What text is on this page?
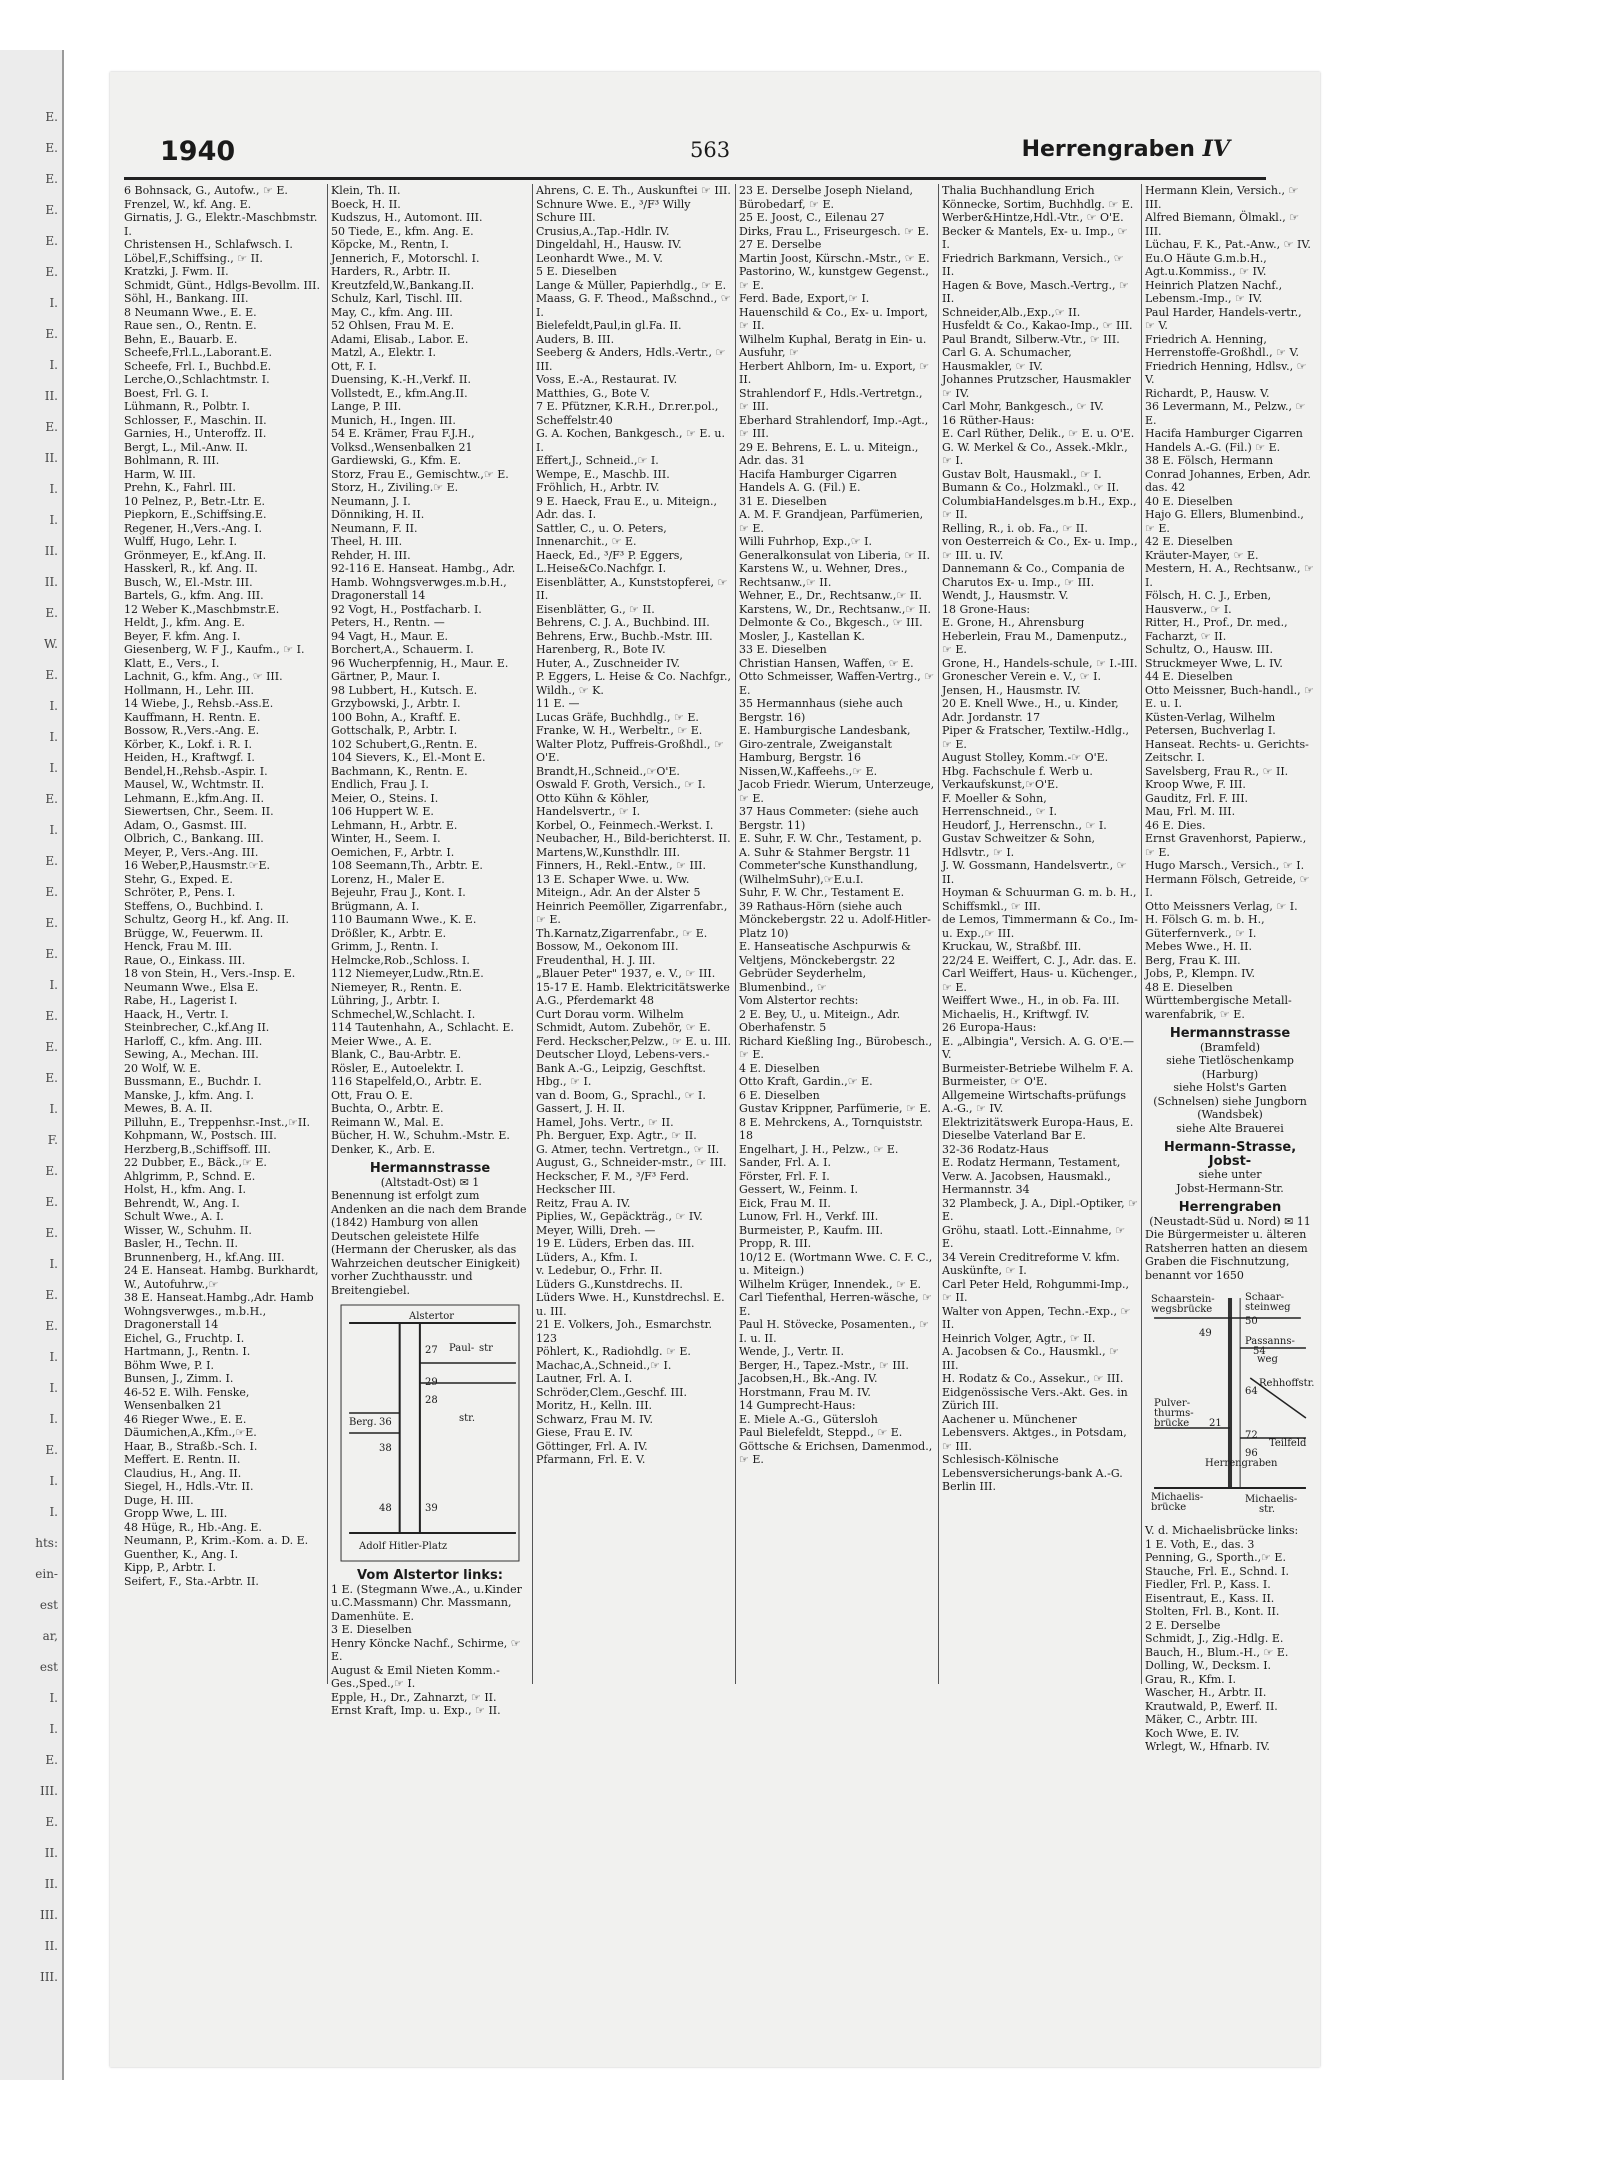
E.
E.
E.
E.
E.
E.
I.
E.
I.
II.
E.
II.
I.
I.
II.
II.
E.
W.
E.
I.
I.
I.
E.
I.
E.
E.
E.
E.
I.
E.
E.
E.
I.
F.
E.
E.
E.
I.
E.
E.
I.
I.
I.
E.
I.
I.
hts:
ein-
est
ar,
est
I.
I.
E.
III.
E.
II.
II.
III.
II.
III.
1940	563	Herrengraben IV
6 Bohnsack, G., Autofw., ☞ E.
Frenzel, W., kf. Ang. E.
Girnatis, J. G., Elektr.-Maschbmstr. I.
Christensen H., Schlafwsch. I.
Löbel,F.,Schiffsing., ☞ II.
Kratzki, J. Fwm. II.
Schmidt, Günt., Hdlgs-Bevollm. III.
Söhl, H., Bankang. III.
8 Neumann Wwe., E. E.
Raue sen., O., Rentn. E.
Behn, E., Bauarb. E.
Scheefe,Frl.L.,Laborant.E.
Scheefe, Frl. I., Buchbd.E.
Lerche,O.,Schlachtmstr. I.
Boest, Frl. G. I.
Lühmann, R., Polbtr. I.
Schlosser, F., Maschin. II.
Garnies, H., Unteroffz. II.
Bergt, L., Mil.-Anw. II.
Bohlmann, R. III.
Harm, W. III.
Prehn, K., Fahrl. III.
10 Pelnez, P., Betr.-Ltr. E.
Piepkorn, E.,Schiffsing.E.
Regener, H.,Vers.-Ang. I.
Wulff, Hugo, Lehr. I.
Grönmeyer, E., kf.Ang. II.
Hasskerl, R., kf. Ang. II.
Busch, W., El.-Mstr. III.
Bartels, G., kfm. Ang. III.
12 Weber K.,Maschbmstr.E.
Heldt, J., kfm. Ang. E.
Beyer, F. kfm. Ang. I.
Giesenberg, W. F J., Kaufm., ☞ I.
Klatt, E., Vers., I.
Lachnit, G., kfm. Ang., ☞ III.
Hollmann, H., Lehr. III.
14 Wiebe, J., Rehsb.-Ass.E.
Kauffmann, H. Rentn. E.
Bossow, R.,Vers.-Ang. E.
Körber, K., Lokf. i. R. I.
Heiden, H., Kraftwgf. I.
Bendel,H.,Rehsb.-Aspir. I.
Mausel, W., Wchtmstr. II.
Lehmann, E.,kfm.Ang. II.
Siewertsen, Chr., Seem. II.
Adam, O., Gasmst. III.
Olbrich, C., Bankang. III.
Meyer, P., Vers.-Ang. III.
16 Weber,P.,Hausmstr.☞E.
Stehr, G., Exped. E.
Schröter, P., Pens. I.
Steffens, O., Buchbind. I.
Schultz, Georg H., kf. Ang. II.
Brügge, W., Feuerwm. II.
Henck, Frau M. III.
Raue, O., Einkass. III.
18 von Stein, H., Vers.-Insp. E.
Neumann Wwe., Elsa E.
Rabe, H., Lagerist I.
Haack, H., Vertr. I.
Steinbrecher, C.,kf.Ang II.
Harloff, C., kfm. Ang. III.
Sewing, A., Mechan. III.
20 Wolf, W. E.
Bussmann, E., Buchdr. I.
Manske, J., kfm. Ang. I.
Mewes, B. A. II.
Pilluhn, E., Treppenhsr.-Inst.,☞II.
Kohpmann, W., Postsch. III.
Herzberg,B.,Schiffsoff. III.
22 Dubber, E., Bäck.,☞ E.
Ahlgrimm, P., Schnd. E.
Holst, H., kfm. Ang. I.
Behrendt, W., Ang. I.
Schult Wwe., A. I.
Wisser, W., Schuhm. II.
Basler, H., Techn. II.
Brunnenberg, H., kf.Ang. III.
24 E. Hanseat. Hambg. Burkhardt, W., Autofuhrw.,☞
38 E. Hanseat.Hambg.,Adr. Hamb Wohngsverwges., m.b.H., Dragonerstall 14
Eichel, G., Fruchtp. I.
Hartmann, J., Rentn. I.
Böhm Wwe, P. I.
Bunsen, J., Zimm. I.
46-52 E. Wilh. Fenske, Wensenbalken 21
46 Rieger Wwe., E. E.
Däumichen,A.,Kfm.,☞E.
Haar, B., Straßb.-Sch. I.
Meffert. E. Rentn. II.
Claudius, H., Ang. II.
Siegel, H., Hdls.-Vtr. II.
Duge, H. III.
Gropp Wwe, L. III.
48 Hüge, R., Hb.-Ang. E.
Neumann, P., Krim.-Kom. a. D. E.
Guenther, K., Ang. I.
Kipp, P., Arbtr. I.
Seifert, F., Sta.-Arbtr. II.
Klein, Th. II.
Boeck, H. II.
Kudszus, H., Automont. III.
50 Tiede, E., kfm. Ang. E.
Köpcke, M., Rentn, I.
Jennerich, F., Motorschl. I.
Harders, R., Arbtr. II.
Kreutzfeld,W.,Bankang.II.
Schulz, Karl, Tischl. III.
May, C., kfm. Ang. III.
52 Ohlsen, Frau M. E.
Adami, Elisab., Labor. E.
Matzl, A., Elektr. I.
Ott, F. I.
Duensing, K.-H.,Verkf. II.
Vollstedt, E., kfm.Ang.II.
Lange, P. III.
Munich, H., Ingen. III.
54 E. Krämer, Frau F.J.H., Volksd.,Wensenbalken 21
Gardiewski, G., Kfm. E.
Storz, Frau E., Gemischtw.,☞ E.
Storz, H., Ziviling.☞ E.
Neumann, J. I.
Dönniking, H. II.
Neumann, F. II.
Theel, H. III.
Rehder, H. III.
92-116 E. Hanseat. Hambg., Adr. Hamb. Wohngsverwges.m.b.H., Dragonerstall 14
92 Vogt, H., Postfacharb. I.
Peters, H., Rentn. —
94 Vagt, H., Maur. E.
Borchert,A., Schauerm. I.
96 Wucherpfennig, H., Maur. E.
Gärtner, P., Maur. I.
98 Lubbert, H., Kutsch. E.
Grzybowski, J., Arbtr. I.
100 Bohn, A., Kraftf. E.
Gottschalk, P., Arbtr. I.
102 Schubert,G.,Rentn. E.
104 Sievers, K., El.-Mont E.
Bachmann, K., Rentn. E.
Endlich, Frau J. I.
Meier, O., Steins. I.
106 Huppert W. E.
Lehmann, H., Arbtr. E.
Winter, H., Seem. I.
Oemichen, F., Arbtr. I.
108 Seemann,Th., Arbtr. E.
Lorenz, H., Maler E.
Bejeuhr, Frau J., Kont. I.
Brügmann, A. I.
110 Baumann Wwe., K. E.
Drößler, K., Arbtr. E.
Grimm, J., Rentn. I.
Helmcke,Rob.,Schloss. I.
112 Niemeyer,Ludw.,Rtn.E.
Niemeyer, R., Rentn. E.
Lühring, J., Arbtr. I.
Schmechel,W.,Schlacht. I.
114 Tautenhahn, A., Schlacht. E.
Meier Wwe., A. E.
Blank, C., Bau-Arbtr. E.
Rösler, E., Autoelektr. I.
116 Stapelfeld,O., Arbtr. E.
Ott, Frau O. E.
Buchta, O., Arbtr. E.
Reimann W., Mal. E.
Bücher, H. W., Schuhm.-Mstr. E.
Denker, K., Arb. E.
Hermannstrasse
(Altstadt-Ost) ✉ 1
Benennung ist erfolgt zum Andenken an die nach dem Brande (1842) Hamburg von allen Deutschen geleistete Hilfe (Hermann der Cherusker, als das Wahrzeichen deutscher Einigkeit) vorher Zuchthausstr. und Breitengiebel.
Alstertor
27
29
Paul- str
28
Berg. 36	str.
38
48	39
Adolf Hitler-Platz
Vom Alstertor links:
1 E. (Stegmann Wwe.,A., u.Kinder u.C.Massmann) Chr. Massmann, Damenhüte. E.
3 E. Dieselben
Henry Köncke Nachf., Schirme, ☞ E.
August & Emil Nieten Komm.-Ges.,Sped.,☞ I.
Epple, H., Dr., Zahnarzt, ☞ II.
Ernst Kraft, Imp. u. Exp., ☞ II.
Ahrens, C. E. Th., Auskunftei ☞ III.
Schnure Wwe. E., ³/F³ Willy Schure III.
Crusius,A.,Tap.-Hdlr. IV.
Dingeldahl, H., Hausw. IV.
Leonhardt Wwe., M. V.
5 E. Dieselben
Lange & Müller, Papierhdlg., ☞ E.
Maass, G. F. Theod., Maßschnd., ☞ I.
Bielefeldt,Paul,in gl.Fa. II.
Auders, B. III.
Seeberg & Anders, Hdls.-Vertr., ☞ III.
Voss, E.-A., Restaurat. IV.
Matthies, G., Bote V.
7 E. Pfützner, K.R.H., Dr.rer.pol., Scheffelstr.40
G. A. Kochen, Bankgesch., ☞ E. u. I.
Effert,J., Schneid.,☞ I.
Wempe, E., Maschb. III.
Fröhlich, H., Arbtr. IV.
9 E. Haeck, Frau E., u. Miteign., Adr. das. I.
Sattler, C., u. O. Peters, Innenarchit., ☞ E.
Haeck, Ed., ³/F³ P. Eggers, L.Heise&Co.Nachfgr. I.
Eisenblätter, A., Kunststopferei, ☞ II.
Eisenblätter, G., ☞ II.
Behrens, C. J. A., Buchbind. III.
Behrens, Erw., Buchb.-Mstr. III.
Harenberg, R., Bote IV.
Huter, A., Zuschneider IV.
P. Eggers, L. Heise & Co. Nachfgr., Wildh., ☞ K.
11 E. —
Lucas Gräfe, Buchhdlg., ☞ E.
Franke, W. H., Werbeltr., ☞ E.
Walter Plotz, Puffreis-Großhdl., ☞ O'E.
Brandt,H.,Schneid.,☞O'E.
Oswald F. Groth, Versich., ☞ I.
Otto Kühn & Köhler, Handelsvertr., ☞ I.
Korbel, O., Feinmech.-Werkst. I.
Neubacher, H., Bild-berichterst. II.
Martens,W.,Kunsthdlr. III.
Finners, H., Rekl.-Entw., ☞ III.
13 E. Schaper Wwe. u. Ww. Miteign., Adr. An der Alster 5
Heinrich Peemöller, Zigarrenfabr., ☞ E.
Th.Karnatz,Zigarrenfabr., ☞ E.
Bossow, M., Oekonom III.
Freudenthal, H. J. III.
„Blauer Peter" 1937, e. V., ☞ III.
15-17 E. Hamb. Elektricitätswerke A.G., Pferdemarkt 48
Curt Dorau vorm. Wilhelm Schmidt, Autom. Zubehör, ☞ E.
Ferd. Heckscher,Pelzw., ☞ E. u. III.
Deutscher Lloyd, Lebens-vers.-Bank A.-G., Leipzig, Geschftst. Hbg., ☞ I.
van d. Boom, G., Sprachl., ☞ I.
Gassert, J. H. II.
Hamel, Johs. Vertr., ☞ II.
Ph. Berguer, Exp. Agtr., ☞ II.
G. Atmer, techn. Vertretgn., ☞ II.
August, G., Schneider-mstr., ☞ III.
Heckscher, F. M., ³/F³ Ferd. Heckscher III.
Reitz, Frau A. IV.
Piplies, W., Gepäckträg., ☞ IV.
Meyer, Willi, Dreh. —
19 E. Lüders, Erben das. III.
Lüders, A., Kfm. I.
v. Ledebur, O., Frhr. II.
Lüders G.,Kunstdrechs. II.
Lüders Wwe. H., Kunstdrechsl. E. u. III.
21 E. Volkers, Joh., Esmarchstr. 123
Pöhlert, K., Radiohdlg. ☞ E.
Machac,A.,Schneid.,☞ I.
Lautner, Frl. A. I.
Schröder,Clem.,Geschf. III.
Moritz, H., Kelln. III.
Schwarz, Frau M. IV.
Giese, Frau E. IV.
Göttinger, Frl. A. IV.
Pfarmann, Frl. E. V.
23 E. Derselbe Joseph Nieland, Bürobedarf, ☞ E.
25 E. Joost, C., Eilenau 27
Dirks, Frau L., Friseurgesch. ☞ E.
27 E. Derselbe
Martin Joost, Kürschn.-Mstr., ☞ E.
Pastorino, W., kunstgew Gegenst., ☞ E.
Ferd. Bade, Export,☞ I.
Hauenschild & Co., Ex- u. Import, ☞ II.
Wilhelm Kuphal, Beratg in Ein- u. Ausfuhr, ☞
Herbert Ahlborn, Im- u. Export, ☞ II.
Strahlendorf F., Hdls.-Vertretgn., ☞ III.
Eberhard Strahlendorf, Imp.-Agt., ☞ III.
29 E. Behrens, E. L. u. Miteign., Adr. das. 31
Hacifa Hamburger Cigarren Handels A. G. (Fil.) E.
31 E. Dieselben
A. M. F. Grandjean, Parfümerien, ☞ E.
Willi Fuhrhop, Exp.,☞ I.
Generalkonsulat von Liberia, ☞ II.
Karstens W., u. Wehner, Dres., Rechtsanw.,☞ II.
Wehner, E., Dr., Rechtsanw.,☞ II.
Karstens, W., Dr., Rechtsanw.,☞ II.
Delmonte & Co., Bkgesch., ☞ III.
Mosler, J., Kastellan K.
33 E. Dieselben
Christian Hansen, Waffen, ☞ E.
Otto Schmeisser, Waffen-Vertrg., ☞ E.
35 Hermannhaus (siehe auch Bergstr. 16)
E. Hamburgische Landesbank, Giro-zentrale, Zweiganstalt Hamburg, Bergstr. 16
Nissen,W.,Kaffeehs.,☞ E.
Jacob Friedr. Wierum, Unterzeuge, ☞ E.
37 Haus Commeter: (siehe auch Bergstr. 11)
E. Suhr, F. W. Chr., Testament, p. A. Suhr & Stahmer Bergstr. 11
Commeter'sche Kunsthandlung, (WilhelmSuhr),☞E.u.I.
Suhr, F. W. Chr., Testament E.
39 Rathaus-Hörn (siehe auch Mönckebergstr. 22 u. Adolf-Hitler-Platz 10)
E. Hanseatische Aschpurwis & Veltjens, Mönckebergstr. 22
Gebrüder Seyderhelm, Blumenbind., ☞
Vom Alstertor rechts:
2 E. Bey, U., u. Miteign., Adr. Oberhafenstr. 5
Richard Kießling Ing., Bürobesch., ☞ E.
4 E. Dieselben
Otto Kraft, Gardin.,☞ E.
6 E. Dieselben
Gustav Krippner, Parfümerie, ☞ E.
8 E. Mehrckens, A., Tornquiststr. 18
Engelhart, J. H., Pelzw., ☞ E.
Sander, Frl. A. I.
Förster, Frl. F. I.
Gessert, W., Feinm. I.
Eick, Frau M. II.
Lunow, Frl. H., Verkf. III.
Burmeister, P., Kaufm. III.
Propp, R. III.
10/12 E. (Wortmann Wwe. C. F. C., u. Miteign.)
Wilhelm Krüger, Innendek., ☞ E.
Carl Tiefenthal, Herren-wäsche, ☞ E.
Paul H. Stövecke, Posamenten., ☞ I. u. II.
Wende, J., Vertr. II.
Berger, H., Tapez.-Mstr., ☞ III.
Jacobsen,H., Bk.-Ang. IV.
Horstmann, Frau M. IV.
14 Gumprecht-Haus:
E. Miele A.-G., Gütersloh
Paul Bielefeldt, Steppd., ☞ E.
Göttsche & Erichsen, Damenmod., ☞ E.
Thalia Buchhandlung Erich Könnecke, Sortim, Buchhdlg. ☞ E.
Werber&Hintze,Hdl.-Vtr., ☞ O'E.
Becker & Mantels, Ex- u. Imp., ☞ I.
Friedrich Barkmann, Versich., ☞ II.
Hagen & Bove, Masch.-Vertrg., ☞ II.
Schneider,Alb.,Exp.,☞ II.
Husfeldt & Co., Kakao-Imp., ☞ III.
Paul Brandt, Silberw.-Vtr., ☞ III.
Carl G. A. Schumacher, Hausmakler, ☞ IV.
Johannes Prutzscher, Hausmakler ☞ IV.
Carl Mohr, Bankgesch., ☞ IV.
16 Rüther-Haus:
E. Carl Rüther, Delik., ☞ E. u. O'E.
G. W. Merkel & Co., Assek.-Mklr., ☞ I.
Gustav Bolt, Hausmakl., ☞ I.
Bumann & Co., Holzmakl., ☞ II.
ColumbiaHandelsges.m b.H., Exp., ☞ II.
Relling, R., i. ob. Fa., ☞ II.
von Oesterreich & Co., Ex- u. Imp., ☞ III. u. IV.
Dannemann & Co., Compania de Charutos Ex- u. Imp., ☞ III.
Wendt, J., Hausmstr. V.
18 Grone-Haus:
E. Grone, H., Ahrensburg
Heberlein, Frau M., Damenputz., ☞ E.
Grone, H., Handels-schule, ☞ I.-III.
Gronescher Verein e. V., ☞ I.
Jensen, H., Hausmstr. IV.
20 E. Knell Wwe., H., u. Kinder, Adr. Jordanstr. 17
Piper & Fratscher, Textilw.-Hdlg., ☞ E.
August Stolley, Komm.-☞ O'E.
Hbg. Fachschule f. Werb u. Verkaufskunst,☞O'E.
F. Moeller & Sohn, Herrenschneid., ☞ I.
Heudorf, J., Herrenschn., ☞ I.
Gustav Schweitzer & Sohn, Hdlsvtr., ☞ I.
J. W. Gossmann, Handelsvertr., ☞ II.
Hoyman & Schuurman G. m. b. H., Schiffsmkl., ☞ III.
de Lemos, Timmermann & Co., Im- u. Exp.,☞ III.
Kruckau, W., Straßbf. III.
22/24 E. Weiffert, C. J., Adr. das. E.
Carl Weiffert, Haus- u. Küchenger., ☞ E.
Weiffert Wwe., H., in ob. Fa. III.
Michaelis, H., Kriftwgf. IV.
26 Europa-Haus:
E. „Albingia", Versich. A. G. O'E.—V.
Burmeister-Betriebe Wilhelm F. A. Burmeister, ☞ O'E.
Allgemeine Wirtschafts-prüfungs A.-G., ☞ IV.
Elektrizitätswerk Europa-Haus, E.
Dieselbe Vaterland Bar E.
32-36 Rodatz-Haus
E. Rodatz Hermann, Testament, Verw. A. Jacobsen, Hausmakl., Hermannstr. 34
32 Plambeck, J. A., Dipl.-Optiker, ☞ E.
Gröhu, staatl. Lott.-Einnahme, ☞ E.
34 Verein Creditreforme V. kfm. Auskünfte, ☞ I.
Carl Peter Held, Rohgummi-Imp., ☞ II.
Walter von Appen, Techn.-Exp., ☞ II.
Heinrich Volger, Agtr., ☞ II.
A. Jacobsen & Co., Hausmkl., ☞ III.
H. Rodatz & Co., Assekur., ☞ III.
Eidgenössische Vers.-Akt. Ges. in Zürich III.
Aachener u. Münchener Lebensvers. Aktges., in Potsdam, ☞ III.
Schlesisch-Kölnische Lebensversicherungs-bank A.-G. Berlin III.
Hermann Klein, Versich., ☞ III.
Alfred Biemann, Ölmakl., ☞ III.
Lüchau, F. K., Pat.-Anw., ☞ IV.
Eu.O Häute G.m.b.H., Agt.u.Kommiss., ☞ IV.
Heinrich Platzen Nachf., Lebensm.-Imp., ☞ IV.
Paul Harder, Handels-vertr., ☞ V.
Friedrich A. Henning, Herrenstoffe-Großhdl., ☞ V.
Friedrich Henning, Hdlsv., ☞ V.
Richardt, P., Hausw. V.
36 Levermann, M., Pelzw., ☞ E.
Hacifa Hamburger Cigarren Handels A.-G. (Fil.) ☞ E.
38 E. Fölsch, Hermann Conrad Johannes, Erben, Adr. das. 42
40 E. Dieselben
Hajo G. Ellers, Blumenbind., ☞ E.
42 E. Dieselben
Kräuter-Mayer, ☞ E.
Mestern, H. A., Rechtsanw., ☞ I.
Fölsch, H. C. J., Erben, Hausverw., ☞ I.
Ritter, H., Prof., Dr. med., Facharzt, ☞ II.
Schultz, O., Hausw. III.
Struckmeyer Wwe, L. IV.
44 E. Dieselben
Otto Meissner, Buch-handl., ☞ E. u. I.
Küsten-Verlag, Wilhelm Petersen, Buchverlag I.
Hanseat. Rechts- u. Gerichts-Zeitschr. I.
Savelsberg, Frau R., ☞ II.
Kroop Wwe, F. III.
Gauditz, Frl. F. III.
Mau, Frl. M. III.
46 E. Dies.
Ernst Gravenhorst, Papierw., ☞ E.
Hugo Marsch., Versich., ☞ I.
Hermann Fölsch, Getreide, ☞ I.
Otto Meissners Verlag, ☞ I.
H. Fölsch G. m. b. H., Güterfernverk., ☞ I.
Mebes Wwe., H. II.
Berg, Frau K. III.
Jobs, P., Klempn. IV.
48 E. Dieselben Württembergische Metall-warenfabrik, ☞ E.
Hermannstrasse
(Bramfeld)
siehe Tietlöschenkamp
(Harburg)
siehe Holst's Garten
(Schnelsen) siehe Jungborn
(Wandsbek)
siehe Alte Brauerei
Hermann-Strasse, Jobst-
siehe unter
Jobst-Hermann-Str.
Herrengraben
(Neustadt-Süd u. Nord) ✉ 11
Die Bürgermeister u. älteren Ratsherren hatten an diesem Graben die Fischnutzung, benannt vor 1650
Schaarstein-
wegsbrücke
Schaar-
steinweg
50
49
Passanns-
54
weg
Rehhoffstr.
64
Pulver-
thurms-
brücke 21
72
96
Teilfeld
Herrengraben
Michaelis-
brücke
Michaelis-
str.
V. d. Michaelisbrücke links:
1 E. Voth, E., das. 3
Penning, G., Sporth.,☞ E.
Stauche, Frl. E., Schnd. I.
Fiedler, Frl. P., Kass. I.
Eisentraut, E., Kass. II.
Stolten, Frl. B., Kont. II.
2 E. Derselbe
Schmidt, J., Zig.-Hdlg. E.
Bauch, H., Blum.-H., ☞ E.
Dolling, W., Decksm. I.
Grau, R., Kfm. I.
Wascher, H., Arbtr. II.
Krautwald, P., Ewerf. II.
Mäker, C., Arbtr. III.
Koch Wwe, E. IV.
Wrlegt, W., Hfnarb. IV.
